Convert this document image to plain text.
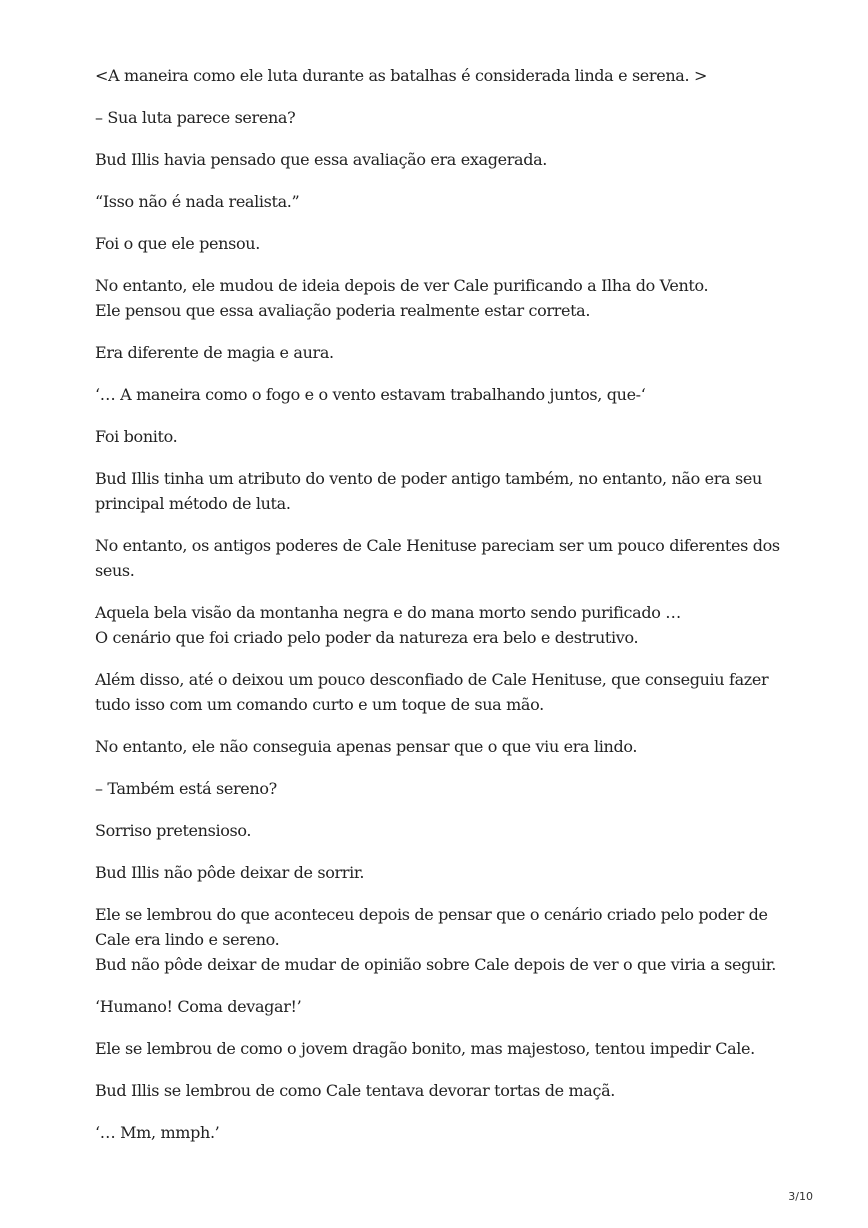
<A maneira como ele luta durante as batalhas é considerada linda e serena. >

– Sua luta parece serena?

Bud Illis havia pensado que essa avaliação era exagerada.

“Isso não é nada realista.”

Foi o que ele pensou.

No entanto, ele mudou de ideia depois de ver Cale purificando a Ilha do Vento.
Ele pensou que essa avaliação poderia realmente estar correta.

Era diferente de magia e aura.

‘… A maneira como o fogo e o vento estavam trabalhando juntos, que-‘

Foi bonito.

Bud Illis tinha um atributo do vento de poder antigo também, no entanto, não era seu
principal método de luta.

No entanto, os antigos poderes de Cale Henituse pareciam ser um pouco diferentes dos
seus.

Aquela bela visão da montanha negra e do mana morto sendo purificado …
O cenário que foi criado pelo poder da natureza era belo e destrutivo.

Além disso, até o deixou um pouco desconfiado de Cale Henituse, que conseguiu fazer
tudo isso com um comando curto e um toque de sua mão.

No entanto, ele não conseguia apenas pensar que o que viu era lindo.

– Também está sereno?

Sorriso pretensioso.

Bud Illis não pôde deixar de sorrir.

Ele se lembrou do que aconteceu depois de pensar que o cenário criado pelo poder de
Cale era lindo e sereno.
Bud não pôde deixar de mudar de opinião sobre Cale depois de ver o que viria a seguir.

‘Humano! Coma devagar!’

Ele se lembrou de como o jovem dragão bonito, mas majestoso, tentou impedir Cale.

Bud Illis se lembrou de como Cale tentava devorar tortas de maçã.

‘… Mm, mmph.’

3/10
